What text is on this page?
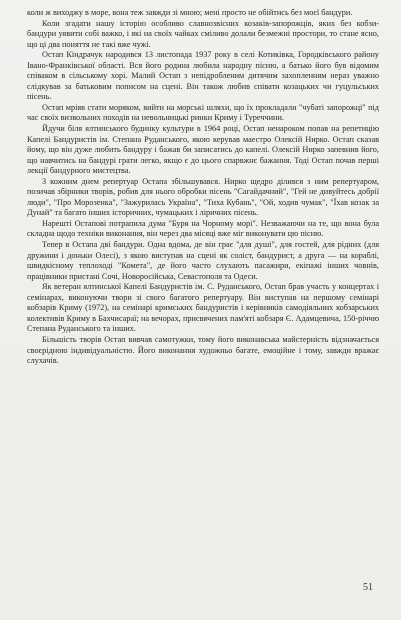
коли ж виходжу в море, вона теж завжди зі мною; мені просто не обійтись без моєї бандури.

Коли згадати нашу історію особливо славнозвісних козаків-запорожців, яких без кобзи-бандури уявити собі важко, і які на своїх чайках сміливо долали безмежні простори, то стане ясно, що ці два поняття не такі вже чужі.

Остап Кіндрачук народився 13 листопада 1937 року в селі Котиківка, Городківського району Івано-Франківської області. Вся його родина любила народну пісню, а батько його був відомим співаком в сільському хорі. Малий Остап з непідробленим дитячим захопленням нераз уважно слідкував за батьковим пописом на сцені. Він також любив співати козацьких чи гуцульських пісень.

Остап мріяв стати моряком, вийти на морські шляхи, що їх прокладали "чубаті запорожці" під час своїх визвольних походів на невольницькі ринки Криму і Туреччини.

Йдучи біля ялтинського будинку культури в 1964 році, Остап ненароком попав на репетицію Капелі Бандуристів ім. Степана Руданського, якою керував маестро Олексій Нирко. Остап сказав йому, що він дуже любить бандуру і бажав би записатись до капелі. Олексій Нирко запевнив його, що навчитись на бандурі грати легко, якщо є до цього спарвжнє бажання. Тоді Остап почав перші лекції бандурного мистецтва.

З кожним днем репертуар Остапа збільшувався. Нирко щедро ділився з ним репертуаром, позичав збірники творів, робив для нього обробки пісень "Сагайдачний", "Гей не дивуйтесь добрії люди", "Про Морозенка", "Зажурилась Україна", "Тиха Кубань", "Ой, ходив чумак", "Їхав козак за Дунай" та багато інших історичних, чумацьких і ліричних пісень.

Нарешті Остапові потрапила дума "Буря на Чорному морі". Незважаючи на те, що вона була складна щодо техніки виконання, він через два місяці вже міг виконувати цю пісню.

Тепер в Остапа дві бандури. Одна вдома, де він грає "для душі", для гостей, для рідних (для дружини і доньки Олесі), з якою виступав на сцені як соліст, бандурист, а друга — на кораблі, швидкісному теплоході "Комета", де його часто слухають пасажири, екіпажі інших човнів, працівники пристані Сочі, Новоросійська, Севастополя та Одеси.

Як ветеран ялтинської Капелі Бандуристів ім. С. Руданського, Остап брав участь у концертах і семінарах, виконуючи твори зі свого багатого репертуару. Він виступав на першому семінарі кобзарів Криму (1972), на семінарі кримських бандуристів і керівників самодіяльних кобзарських колективів Криму в Бахчисараї; на вечорах, присвячених пам'яті кобзаря Є. Адамцевича, 150-річчю Степана Руданського та інших.

Більшість творів Остап вивчав самотужки, тому його виконавська майстерність відзначається своєрідною індивідуальністю. Його виконання художньо багате, емоційне і тому, завжди вражає слухачів.

51
